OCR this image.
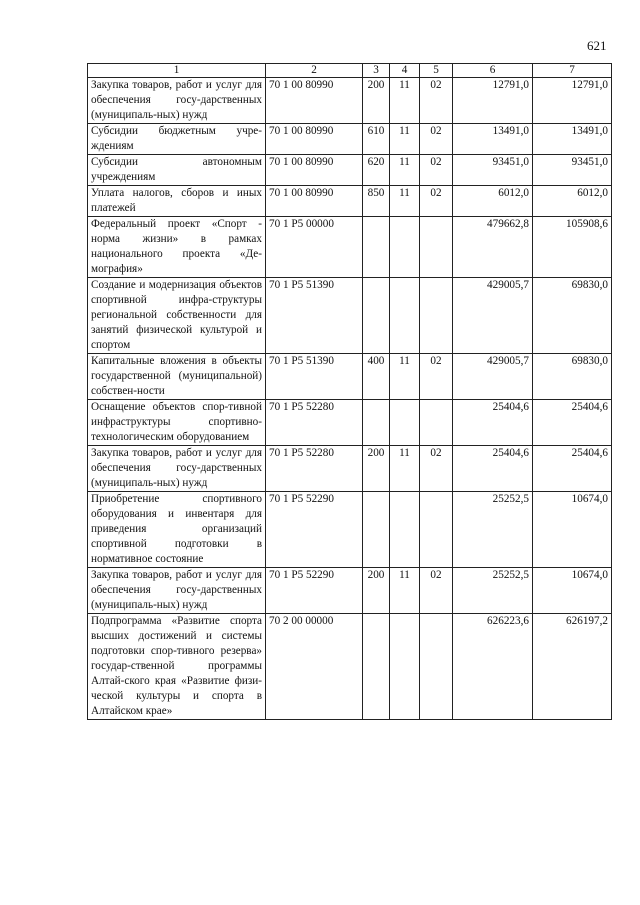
621
1	2	3	4	5	6	7
Закупка товаров, работ и услуг для обеспечения госу-дарственных (муниципаль-ных) нужд	70 1 00 80990	200	11	02	12791,0	12791,0
Субсидии бюджетным учре-ждениям	70 1 00 80990	610	11	02	13491,0	13491,0
Субсидии автономным учреждениям	70 1 00 80990	620	11	02	93451,0	93451,0
Уплата налогов, сборов и иных платежей	70 1 00 80990	850	11	02	6012,0	6012,0
Федеральный проект «Спорт - норма жизни» в рамках национального проекта «Де-мография»	70 1 P5 00000				479662,8	105908,6
Создание и модернизация объектов спортивной инфра-структуры региональной собственности для занятий физической культурой и спортом	70 1 P5 51390				429005,7	69830,0
Капитальные вложения в объекты государственной (муниципальной) собствен-ности	70 1 P5 51390	400	11	02	429005,7	69830,0
Оснащение объектов спор-тивной инфраструктуры спортивно-технологическим оборудованием	70 1 P5 52280				25404,6	25404,6
Закупка товаров, работ и услуг для обеспечения госу-дарственных (муниципаль-ных) нужд	70 1 P5 52280	200	11	02	25404,6	25404,6
Приобретение спортивного оборудования и инвентаря для приведения организаций спортивной подготовки в нормативное состояние	70 1 P5 52290				25252,5	10674,0
Закупка товаров, работ и услуг для обеспечения госу-дарственных (муниципаль-ных) нужд	70 1 P5 52290	200	11	02	25252,5	10674,0
Подпрограмма «Развитие спорта высших достижений и системы подготовки спор-тивного резерва» государ-ственной программы Алтай-ского края «Развитие физи-ческой культуры и спорта в Алтайском крае»	70 2 00 00000				626223,6	626197,2
